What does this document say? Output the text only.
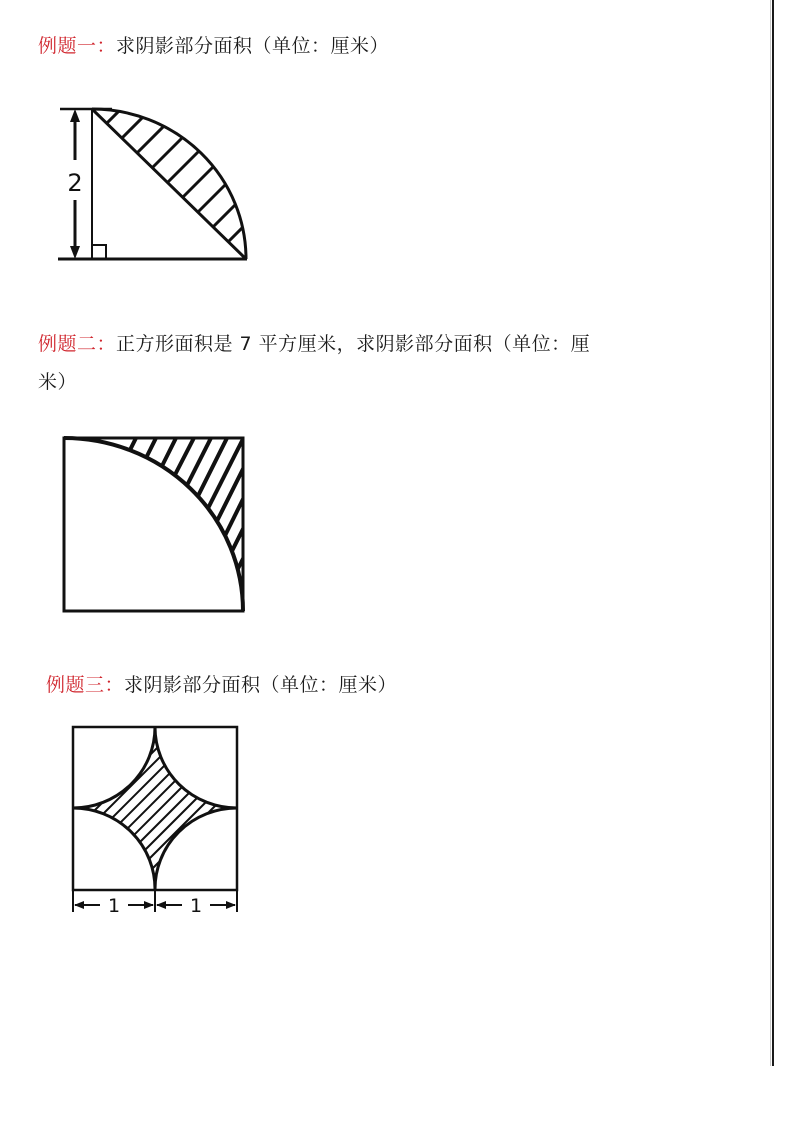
例题一：求阴影部分面积（单位：厘米）
2
例题二：正方形面积是 7 平方厘米，求阴影部分面积（单位：厘
米）
例题三：求阴影部分面积（单位：厘米）
1	1
